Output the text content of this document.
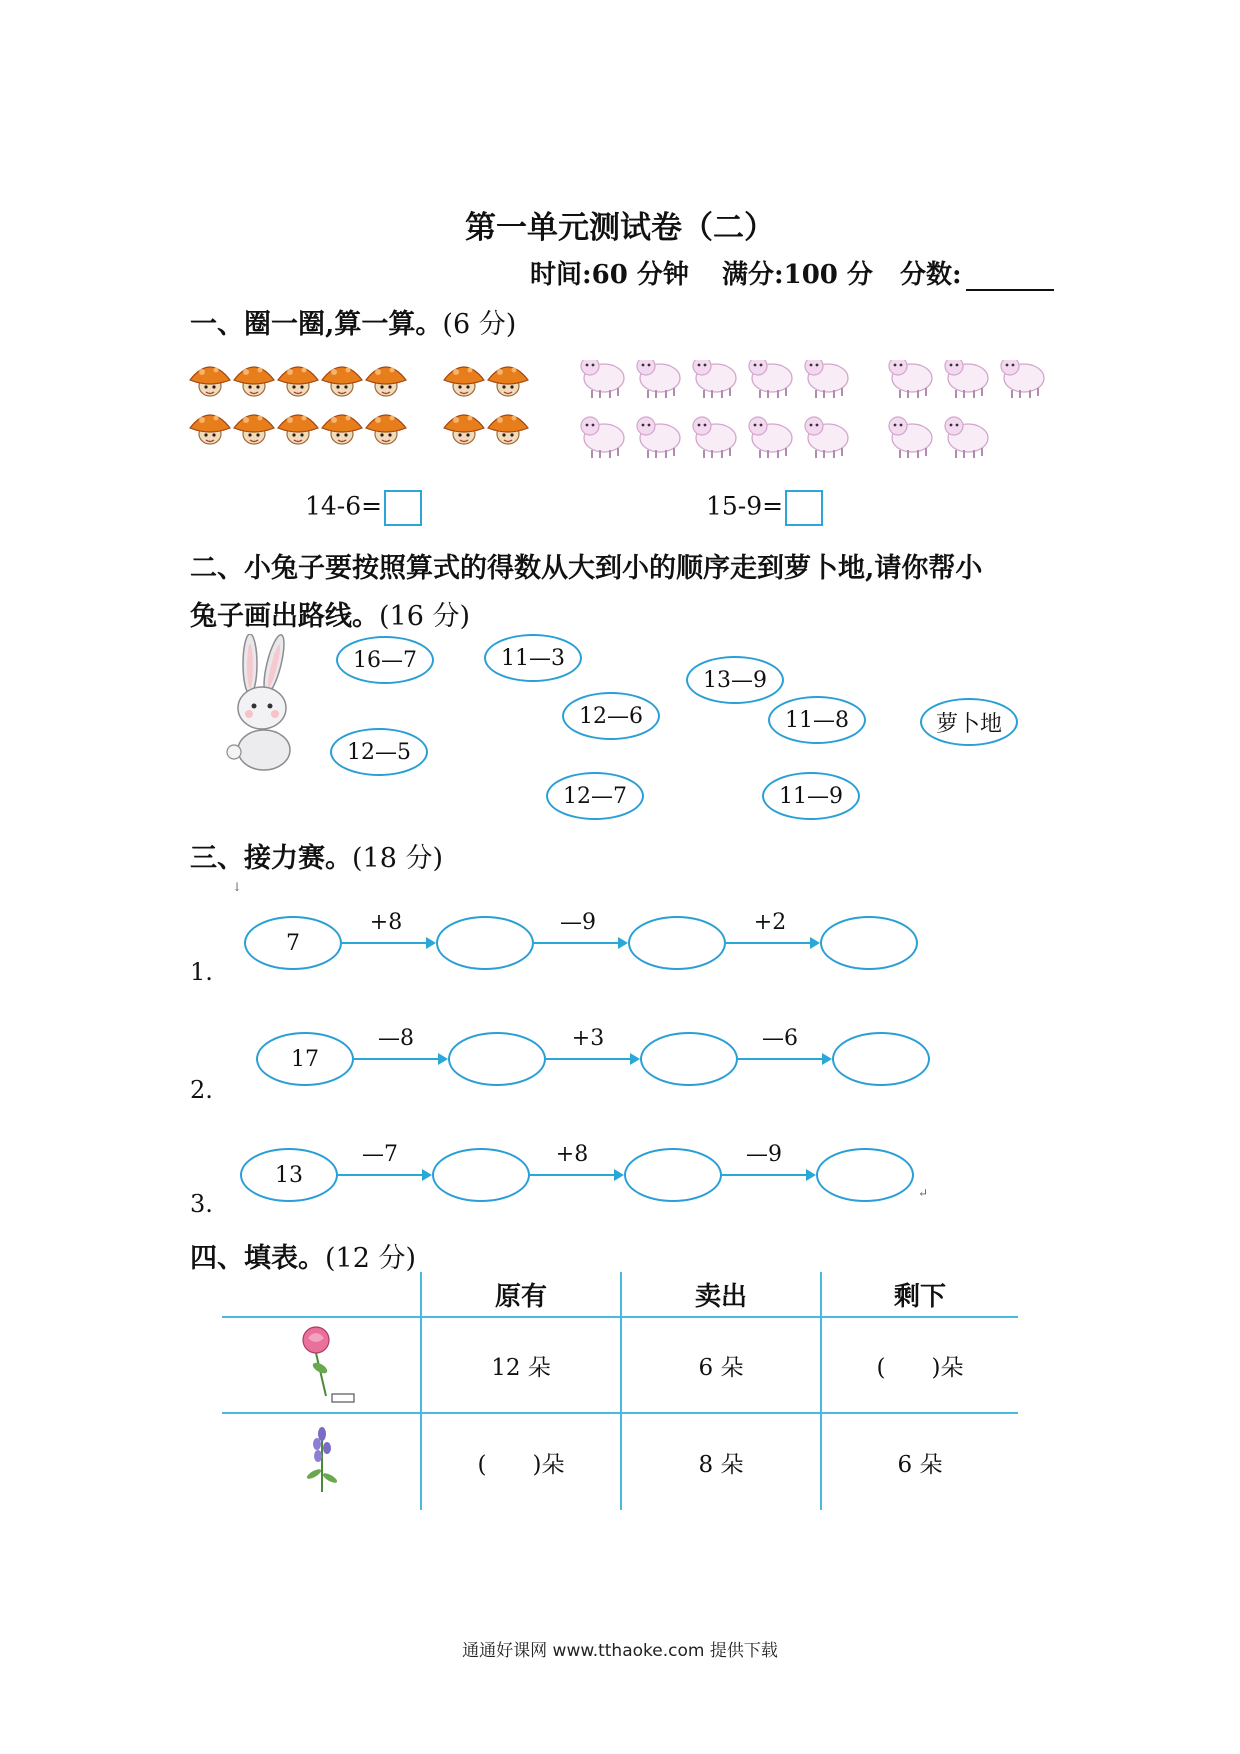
第一单元测试卷（二）
时间:60 分钟 满分:100 分 分数:
一、圈一圈,算一算。(6 分)
14-6=	15-9=
二、小兔子要按照算式的得数从大到小的顺序走到萝卜地,请你帮小
兔子画出路线。(16 分)
16—7	11—3
13—9
12—6	11—8
12—5
12—7	11—9
萝卜地
三、接力赛。(18 分)
↓
1.
7
+8	—9	+2
2.
17
—8	+3	—6
3.
13
—7	+8	—9
↵
四、填表。(12 分)
原有	卖出	剩下
12 朵	6 朵	(　　)朵
(　　)朵	8 朵	6 朵
通通好课网 www.tthaoke.com 提供下载
